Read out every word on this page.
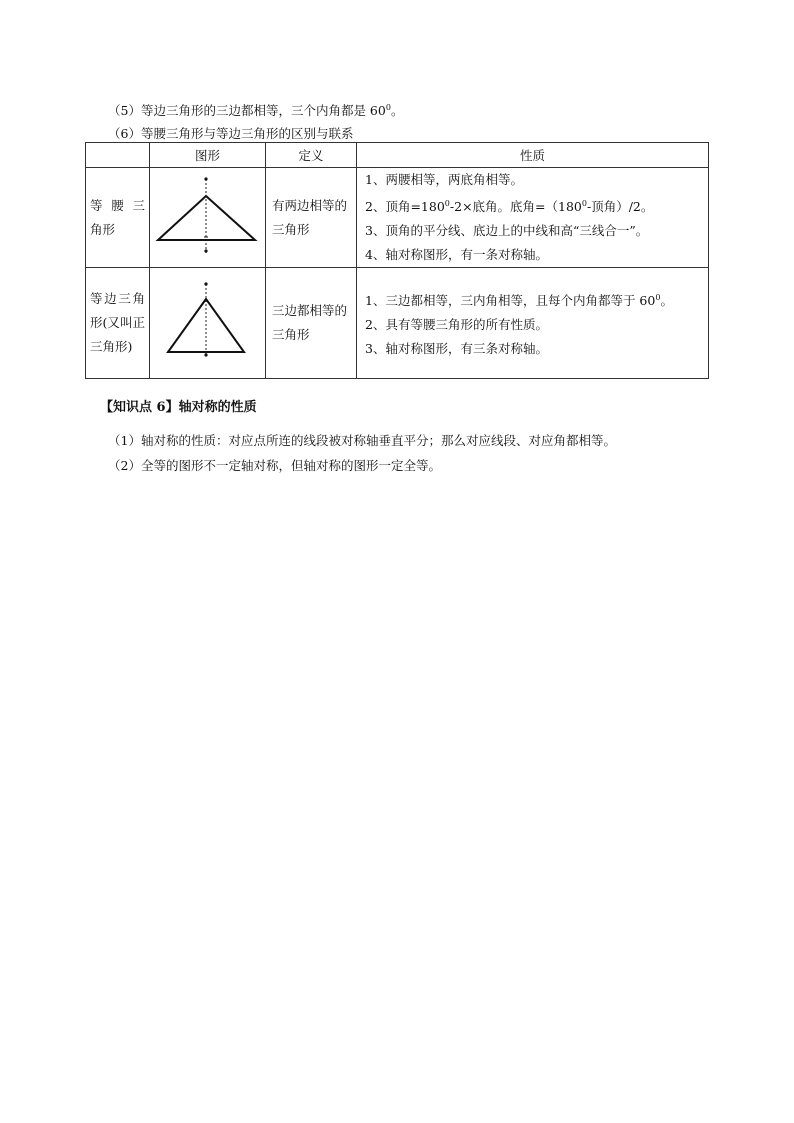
（5）等边三角形的三边都相等，三个内角都是 $60^0$。
（6）等腰三角形与等边三角形的区别与联系
	图形	定义	性质
等 腰 三 角形		有两边相等的三角形	1、两腰相等，两底角相等。
2、顶角$=180^0-2\times$底角。底角$=(180^0-$顶角）/2。
3、顶角的平分线、底边上的中线和高“三线合一”。
4、轴对称图形，有一条对称轴。

等边三角形(又叫正三角形)		三边都相等的三角形	1、三边都相等，三内角相等，且每个内角都等于 $60^0$。
2、具有等腰三角形的所有性质。
3、轴对称图形，有三条对称轴。
【知识点 6】轴对称的性质
（1）轴对称的性质：对应点所连的线段被对称轴垂直平分；那么对应线段、对应角都相等。
（2）全等的图形不一定轴对称，但轴对称的图形一定全等。
